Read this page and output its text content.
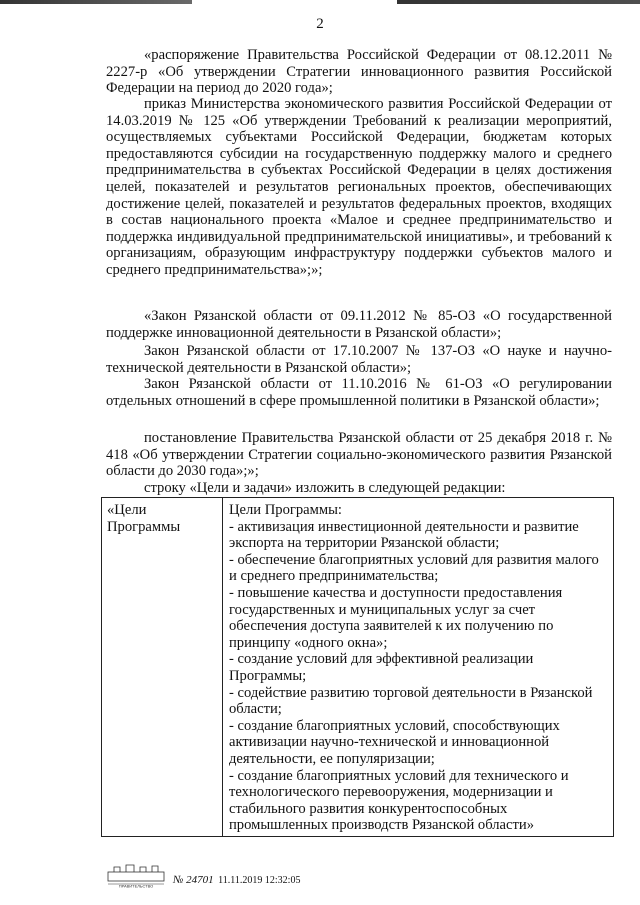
2
«распоряжение Правительства Российской Федерации от 08.12.2011 № 2227-р «Об утверждении Стратегии инновационного развития Российской Федерации на период до 2020 года»;
приказ Министерства экономического развития Российской Федерации от 14.03.2019 № 125 «Об утверждении Требований к реализации мероприятий, осуществляемых субъектами Российской Федерации, бюджетам которых предоставляются субсидии на государственную поддержку малого и среднего предпринимательства в субъектах Российской Федерации в целях достижения целей, показателей и результатов региональных проектов, обеспечивающих достижение целей, показателей и результатов федеральных проектов, входящих в состав национального проекта «Малое и среднее предпринимательство и поддержка индивидуальной предпринимательской инициативы», и требований к организациям, образующим инфраструктуру поддержки субъектов малого и среднего предпринимательства»;»;
«Закон Рязанской области от 09.11.2012 № 85-ОЗ «О государственной поддержке инновационной деятельности в Рязанской области»;
Закон Рязанской области от 17.10.2007 № 137-ОЗ «О науке и научно-технической деятельности в Рязанской области»;
Закон Рязанской области от 11.10.2016 № 61-ОЗ «О регулировании отдельных отношений в сфере промышленной политики в Рязанской области»;
постановление Правительства Рязанской области от 25 декабря 2018 г. № 418 «Об утверждении Стратегии социально-экономического развития Рязанской области до 2030 года»;»;
строку «Цели и задачи» изложить в следующей редакции:
«Цели Программы
Цели Программы:
- активизация инвестиционной деятельности и развитие экспорта на территории Рязанской области;
- обеспечение благоприятных условий для развития малого и среднего предпринимательства;
- повышение качества и доступности предоставления государственных и муниципальных услуг за счет обеспечения доступа заявителей к их получению по принципу «одного окна»;
- создание условий для эффективной реализации Программы;
- содействие развитию торговой деятельности в Рязанской области;
- создание благоприятных условий, способствующих активизации научно-технической и инновационной деятельности, ее популяризации;
- создание благоприятных условий для технического и технологического перевооружения, модернизации и стабильного развития конкурентоспособных промышленных производств Рязанской области»
ПРАВИТЕЛЬСТВО № 24701 11.11.2019 12:32:05
